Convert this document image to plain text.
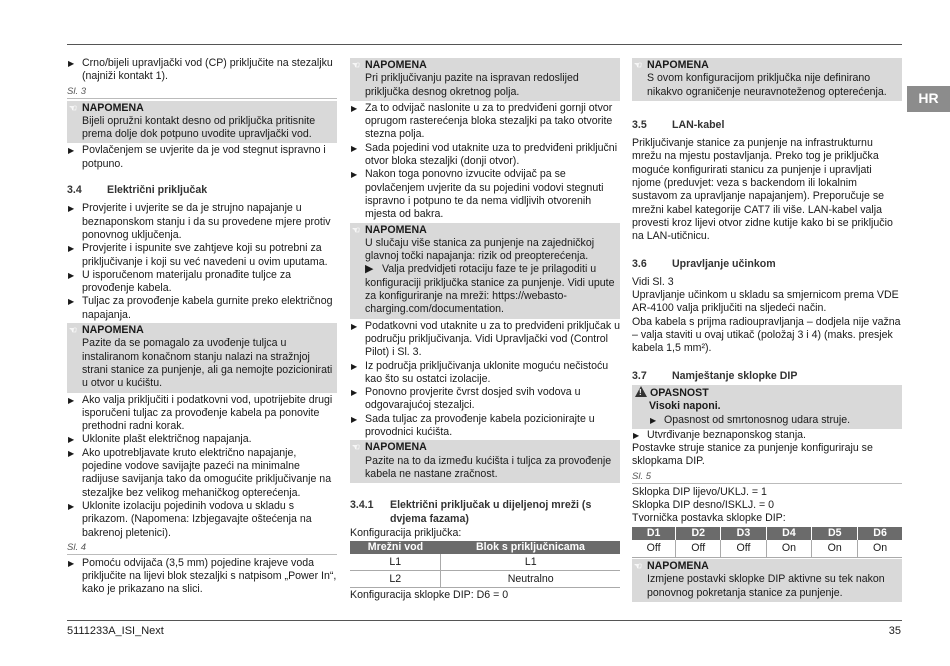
HR

▶ Crno/bijeli upravljački vod (CP) priključite na stezaljku (najniži kontakt 1).

Sl. 3
☜ NAPOMENA

Bijeli opružni kontakt desno od priključka pritisnite prema dolje dok potpuno uvodite upravljački vod.

▶ Povlačenjem se uvjerite da je vod stegnut ispravno i potpuno.

3.4 Električni priključak

▶ Provjerite i uvjerite se da je strujno napajanje u beznaponskom stanju i da su provedene mjere protiv ponovnog uključenja.

▶ Provjerite i ispunite sve zahtjeve koji su potrebni za priključivanje i koji su već navedeni u ovim uputama.

▶ U isporučenom materijalu pronađite tuljce za provođenje kabela.

▶ Tuljac za provođenje kabela gurnite preko električnog napajanja.

☜ NAPOMENA

Pazite da se pomagalo za uvođenje tuljca u instaliranom konačnom stanju nalazi na stražnjoj strani stanice za punjenje, ali ga nemojte pozicionirati u otvor u kućištu.

▶ Ako valja priključiti i podatkovni vod, upotrijebite drugi isporučeni tuljac za provođenje kabela pa ponovite prethodni radni korak.

▶ Uklonite plašt električnog napajanja.

▶ Ako upotrebljavate kruto električno napajanje, pojedine vodove savijajte pazeći na minimalne radijuse savijanja tako da omogućite priključivanje na stezaljke bez velikog mehaničkog opterećenja.

▶ Uklonite izolaciju pojedinih vodova u skladu s prikazom. (Napomena: Izbjegavajte oštećenja na bakrenoj pletenici).

Sl. 4

▶ Pomoću odvijača (3,5 mm) pojedine krajeve voda priključite na lijevi blok stezaljki s natpisom „Power In“, kako je prikazano na slici.

☜ NAPOMENA

Pri priključivanju pazite na ispravan redoslijed priključka desnog okretnog polja.

▶ Za to odvijač naslonite u za to predviđeni gornji otvor oprugom rasterećenja bloka stezaljki pa tako otvorite stezna polja.

▶ Sada pojedini vod utaknite uza to predviđeni priključni otvor bloka stezaljki (donji otvor).

▶ Nakon toga ponovno izvucite odvijač pa se povlačenjem uvjerite da su pojedini vodovi stegnuti ispravno i potpuno te da nema vidljivih otvorenih mjesta od bakra.

☜ NAPOMENA

U slučaju više stanica za punjenje na zajedničkoj glavnoj točki napajanja: rizik od preopterećenja.

▶ Valja predvidjeti rotaciju faze te je prilagoditi u konfiguraciji priključka stanice za punjenje. Vidi upute za konfiguriranje na mreži: https://webasto-charging.com/documentation.

▶ Podatkovni vod utaknite u za to predviđeni priključak u području priključivanja. Vidi Upravljački vod (Control Pilot) i Sl. 3.

▶ Iz područja priključivanja uklonite moguću nečistoću kao što su ostatci izolacije.

▶ Ponovno provjerite čvrst dosjed svih vodova u odgovarajućoj stezaljci.

▶ Sada tuljac za provođenje kabela pozicionirajte u provodnici kućišta.

☜ NAPOMENA

Pazite na to da između kućišta i tuljca za provođenje kabela ne nastane zračnost.

3.4.1	Električni priključak u dijeljenoj mreži (s dvjema fazama)

Konfiguracija priključka:

Mrežni vod	Blok s priključnicama
L1	L1
L2	Neutralno

Konfiguracija sklopke DIP: D6 = 0

☜ NAPOMENA

S ovom konfiguracijom priključka nije definirano nikakvo ograničenje neuravnoteženog opterećenja.

3.5 LAN-kabel

Priključivanje stanice za punjenje na infrastrukturnu mrežu na mjestu postavljanja. Preko tog je priključka moguće konfigurirati stanicu za punjenje i upravljati njome (preduvjet: veza s backendom ili lokalnim sustavom za upravljanje napajanjem). Preporučuje se mrežni kabel kategorije CAT7 ili više. LAN-kabel valja provesti kroz lijevi otvor zidne kutije kako bi se priključio na LAN-utičnicu.

3.6 Upravljanje učinkom

Vidi Sl. 3

Upravljanje učinkom u skladu sa smjernicom prema VDE AR-4100 valja priključiti na sljedeći način.

Oba kabela s prijma radioupravljanja – dodjela nije važna – valja staviti u ovaj utikač (položaj 3 i 4) (maks. presjek kabela 1,5 mm²).

3.7 Namještanje sklopke DIP
! OPASNOST
Visoki naponi.
▶ Opasnost od smrtonosnog udara struje.

▶ Utvrđivanje beznaponskog stanja.

Postavke struje stanice za punjenje konfiguriraju se sklopkama DIP.

Sl. 5

Sklopka DIP lijevo/UKLJ. = 1

Sklopka DIP desno/ISKLJ. = 0

Tvornička postavka sklopke DIP:

D1	D2	D3	D4	D5	D6
Off	Off	Off	On	On	On
☜ NAPOMENA

Izmjene postavki sklopke DIP aktivne su tek nakon ponovnog pokretanja stanice za punjenje.

5111233A_ISI_Next	35
